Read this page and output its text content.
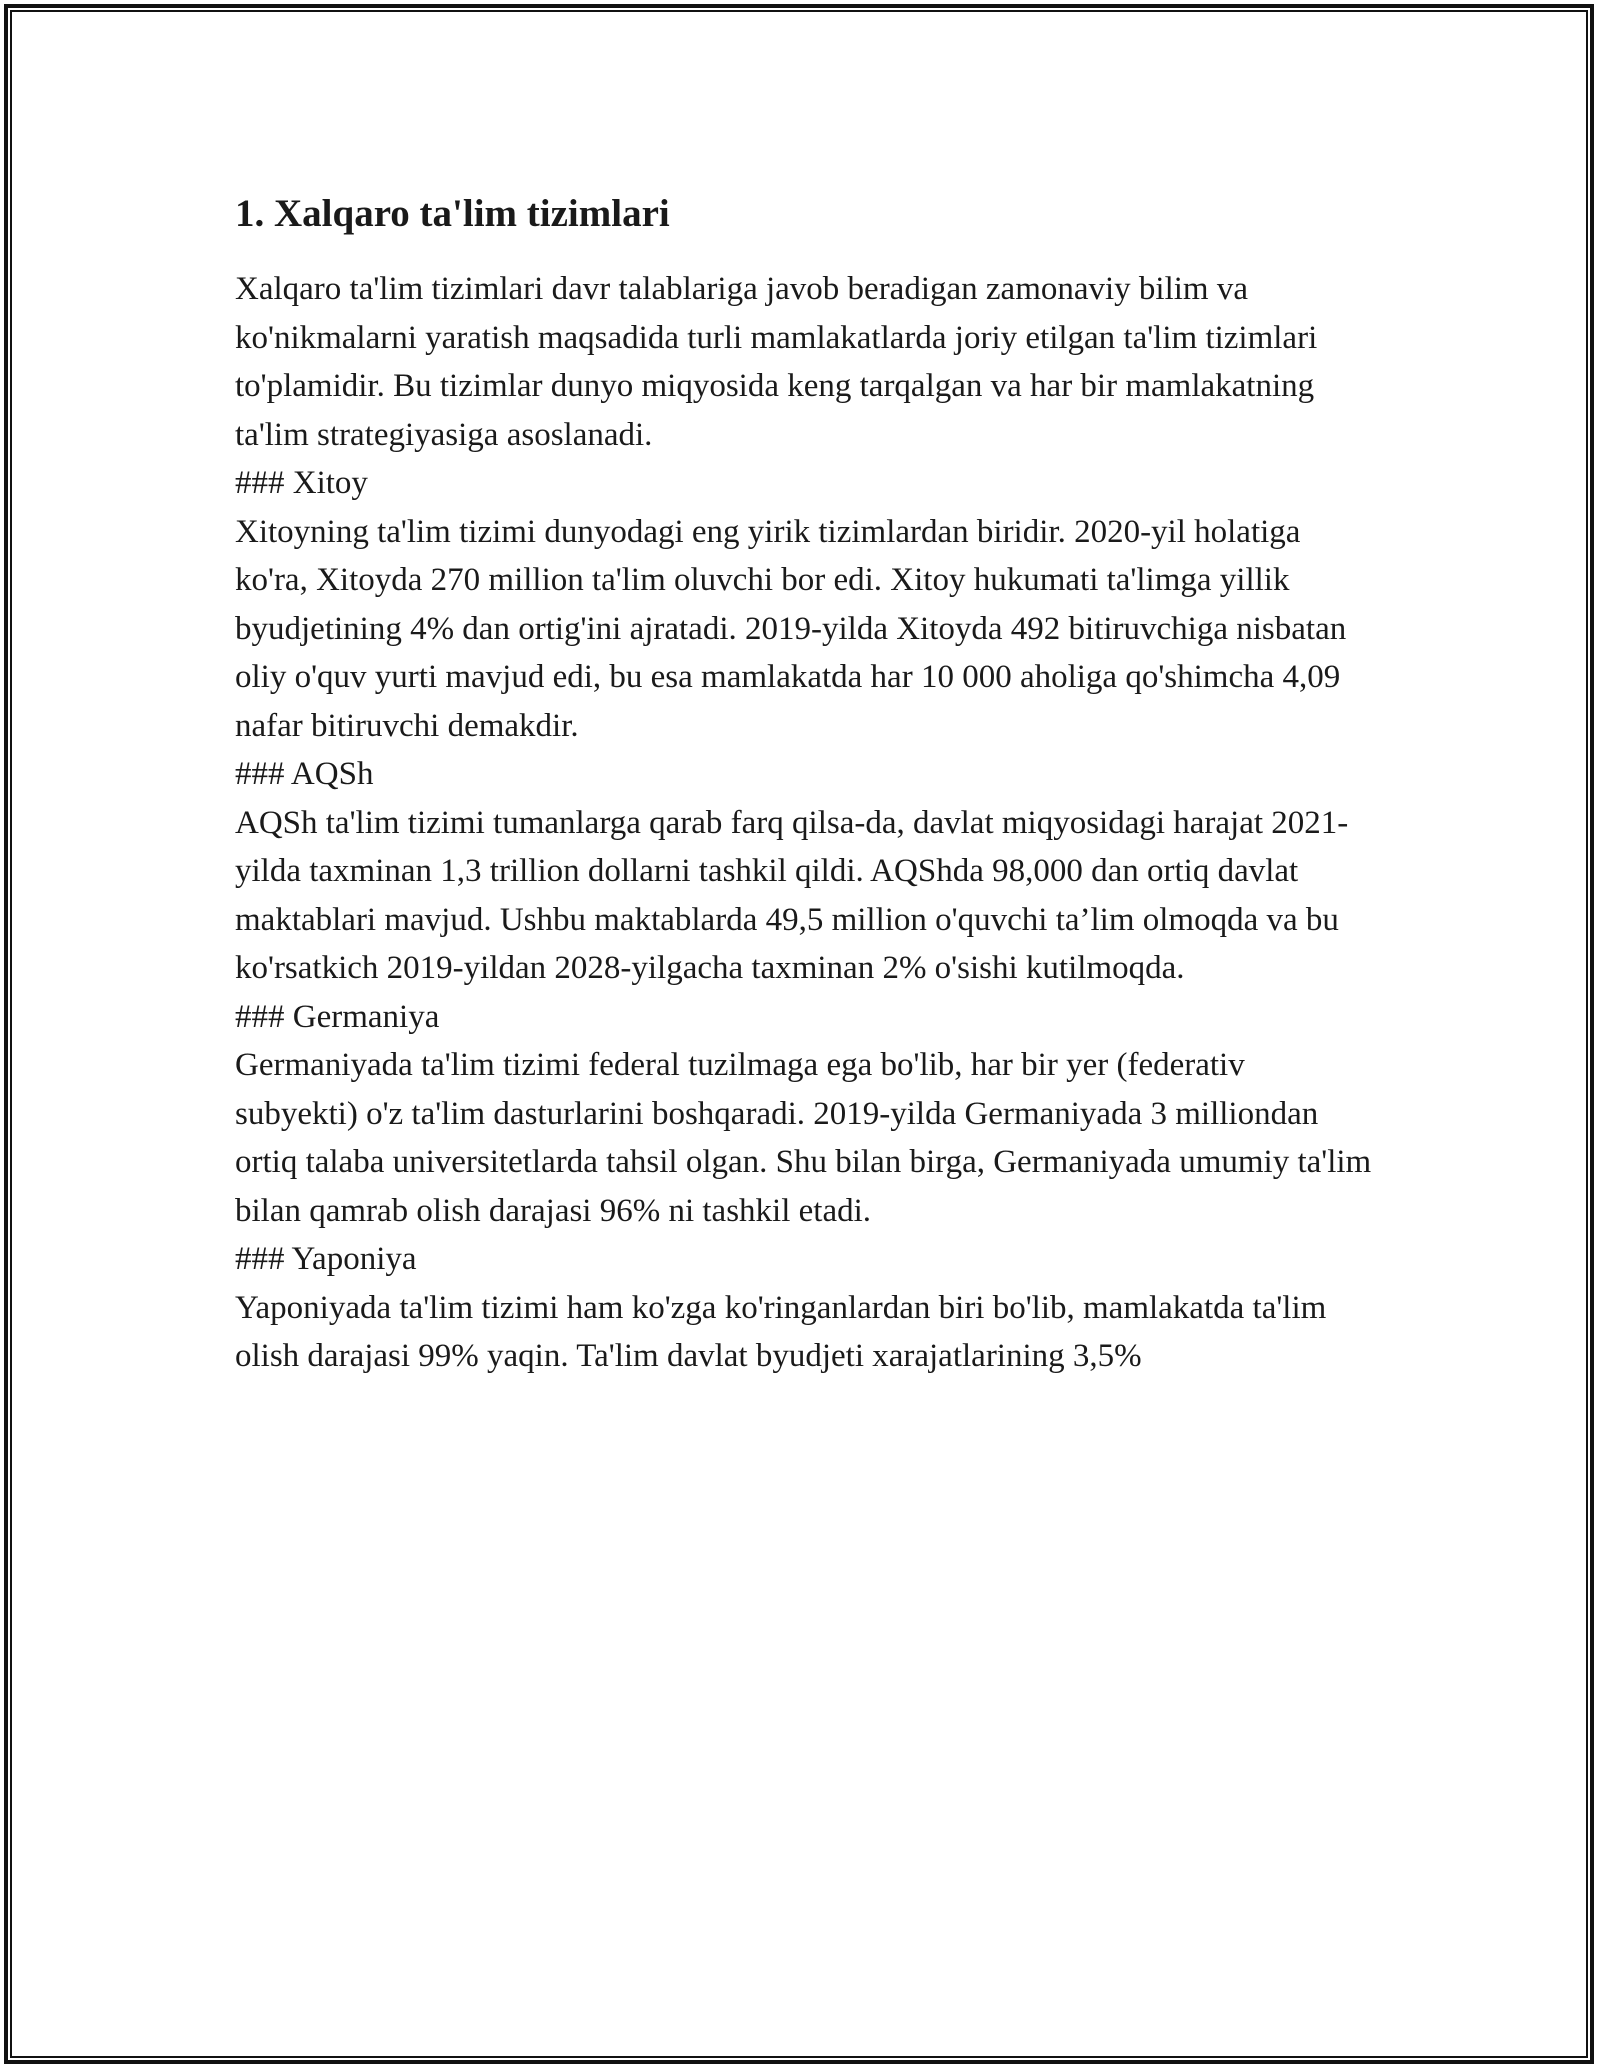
1. Xalqaro ta'lim tizimlari

Xalqaro ta'lim tizimlari davr talablariga javob beradigan zamonaviy bilim va ko'nikmalarni yaratish maqsadida turli mamlakatlarda joriy etilgan ta'lim tizimlari to'plamidir. Bu tizimlar dunyo miqyosida keng tarqalgan va har bir mamlakatning ta'lim strategiyasiga asoslanadi.

### Xitoy

Xitoyning ta'lim tizimi dunyodagi eng yirik tizimlardan biridir. 2020-yil holatiga ko'ra, Xitoyda 270 million ta'lim oluvchi bor edi. Xitoy hukumati ta'limga yillik byudjetining 4% dan ortig'ini ajratadi. 2019-yilda Xitoyda 492 bitiruvchiga nisbatan oliy o'quv yurti mavjud edi, bu esa mamlakatda har 10 000 aholiga qo'shimcha 4,09 nafar bitiruvchi demakdir.

### AQSh

AQSh ta'lim tizimi tumanlarga qarab farq qilsa-da, davlat miqyosidagi harajat 2021-yilda taxminan 1,3 trillion dollarni tashkil qildi. AQShda 98,000 dan ortiq davlat maktablari mavjud. Ushbu maktablarda 49,5 million o'quvchi ta’lim olmoqda va bu ko'rsatkich 2019-yildan 2028-yilgacha taxminan 2% o'sishi kutilmoqda.

### Germaniya

Germaniyada ta'lim tizimi federal tuzilmaga ega bo'lib, har bir yer (federativ subyekti) o'z ta'lim dasturlarini boshqaradi. 2019-yilda Germaniyada 3 milliondan ortiq talaba universitetlarda tahsil olgan. Shu bilan birga, Germaniyada umumiy ta'lim bilan qamrab olish darajasi 96% ni tashkil etadi.

### Yaponiya

Yaponiyada ta'lim tizimi ham ko'zga ko'ringanlardan biri bo'lib, mamlakatda ta'lim olish darajasi 99% yaqin. Ta'lim davlat byudjeti xarajatlarining 3,5%
